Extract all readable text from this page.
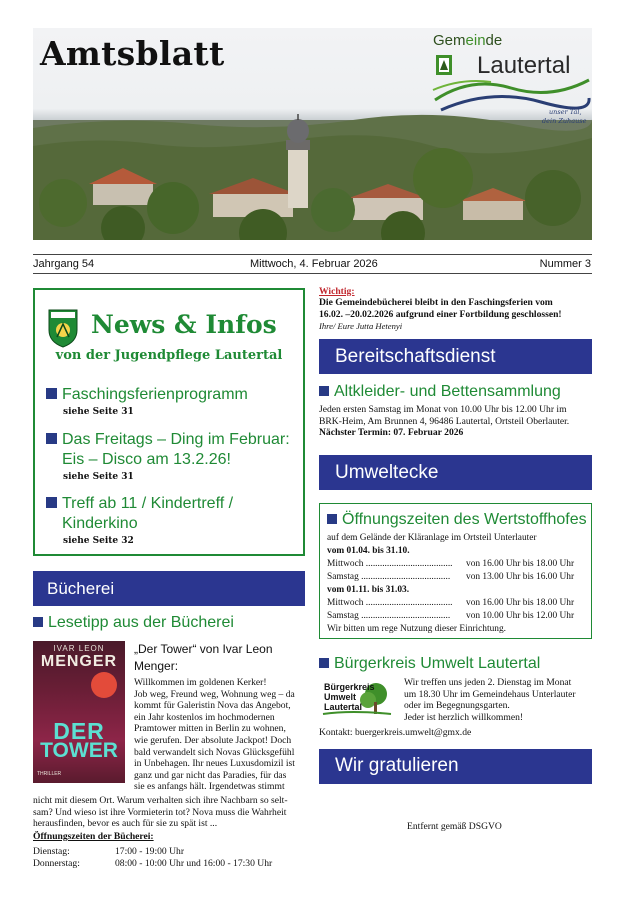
Amtsblatt	Gemeinde
Lautertal
unser Tal,
dein Zuhause
Jahrgang 54	Mittwoch, 4. Februar 2026	Nummer 3
News & Infos
von der Jugendpflege Lautertal
Faschingsferienprogramm
siehe Seite 31
Das Freitags – Ding im Februar:
Eis – Disco am 13.2.26!
siehe Seite 31
Treff ab 11 / Kindertreff /
Kinderkino
siehe Seite 32
Bücherei
Lesetipp aus der Bücherei
IVAR LEON
MENGER
DER
TOWER
THRILLER
„Der Tower“ von Ivar Leon
Menger:
Willkommen im goldenen Kerker!
Job weg, Freund weg, Wohnung weg – da
kommt für Galeristin Nova das Angebot,
ein Jahr kostenlos im hochmodernen
Pramtower mitten in Berlin zu wohnen,
wie gerufen. Der absolute Jackpot! Doch
bald verwandelt sich Novas Glücksgefühl
in Unbehagen. Ihr neues Luxusdomizil ist
ganz und gar nicht das Paradies, für das
sie es anfangs hält. Irgendetwas stimmt
nicht mit diesem Ort. Warum verhalten sich ihre Nachbarn so selt-
sam? Und wieso ist ihre Vormieterin tot? Nova muss die Wahrheit
herausfinden, bevor es auch für sie zu spät ist ...
Öffnungszeiten der Bücherei:
Dienstag:	17:00 - 19:00 Uhr
Donnerstag:	08:00 - 10:00 Uhr und 16:00 - 17:30 Uhr
Wichtig:
Die Gemeindebücherei bleibt in den Faschingsferien vom
16.02. –20.02.2026 aufgrund einer Fortbildung geschlossen!
Ihre/ Eure Jutta Hetenyi
Bereitschaftsdienst
Altkleider- und Bettensammlung
Jeden ersten Samstag im Monat von 10.00 Uhr bis 12.00 Uhr im
BRK-Heim, Am Brunnen 4, 96486 Lautertal, Ortsteil Oberlauter.
Nächster Termin: 07. Februar 2026
Umweltecke
Öffnungszeiten des Wertstoffhofes
auf dem Gelände der Kläranlage im Ortsteil Unterlauter
vom 01.04. bis 31.10.
Mittwoch ..................................... von 16.00 Uhr bis 18.00 Uhr
Samstag ...................................... von 13.00 Uhr bis 16.00 Uhr
vom 01.11. bis 31.03.
Mittwoch ..................................... von 16.00 Uhr bis 18.00 Uhr
Samstag ...................................... von 10.00 Uhr bis 12.00 Uhr
Wir bitten um rege Nutzung dieser Einrichtung.
Bürgerkreis Umwelt Lautertal
Bürgerkreis
Umwelt
Lautertal
Wir treffen uns jeden 2. Dienstag im Monat
um 18.30 Uhr im Gemeindehaus Unterlauter
oder im Begegnungsgarten.
Jeder ist herzlich willkommen!
Kontakt: buergerkreis.umwelt@gmx.de
Wir gratulieren
Entfernt gemäß DSGVO
